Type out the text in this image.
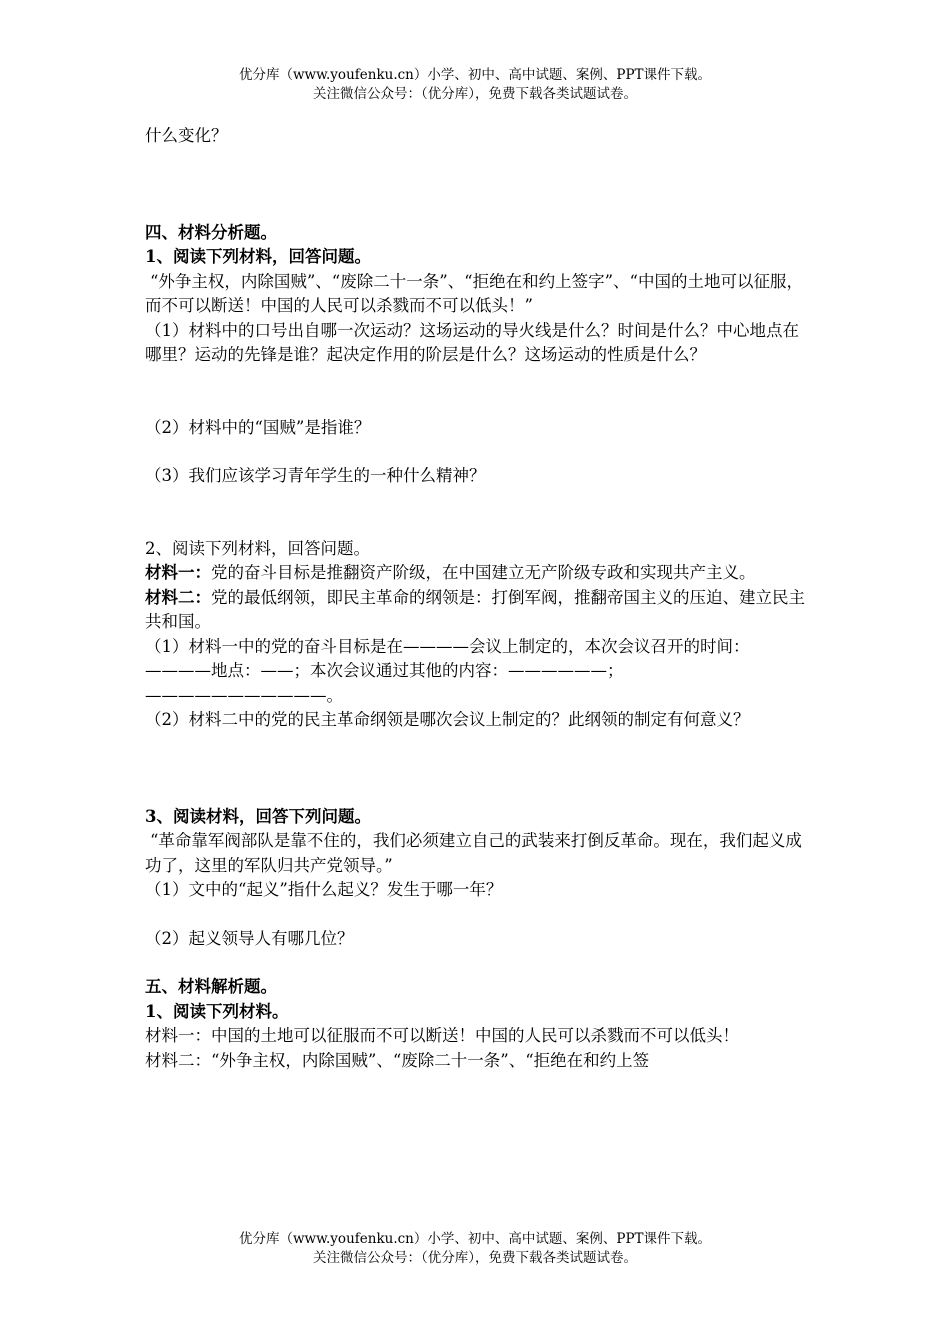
优分库（www.youfenku.cn）小学、初中、高中试题、案例、PPT课件下载。
关注微信公众号：（优分库），免费下载各类试题试卷。

什么变化？

四、材料分析题。

1、阅读下列材料，回答问题。

“外争主权，内除国贼”、“废除二十一条”、“拒绝在和约上签字”、“中国的土地可以征服，而不可以断送！中国的人民可以杀戮而不可以低头！”

（1）材料中的口号出自哪一次运动？这场运动的导火线是什么？时间是什么？中心地点在哪里？运动的先锋是谁？起决定作用的阶层是什么？这场运动的性质是什么？

（2）材料中的“国贼”是指谁？

（3）我们应该学习青年学生的一种什么精神？

2、阅读下列材料，回答问题。

材料一：党的奋斗目标是推翻资产阶级，在中国建立无产阶级专政和实现共产主义。

材料二：党的最低纲领，即民主革命的纲领是：打倒军阀，推翻帝国主义的压迫、建立民主共和国。

（1）材料一中的党的奋斗目标是在————会议上制定的，本次会议召开的时间：————地点：——；本次会议通过其他的内容：——————；———————————。

（2）材料二中的党的民主革命纲领是哪次会议上制定的？此纲领的制定有何意义？

3、阅读材料，回答下列问题。

“革命靠军阀部队是靠不住的，我们必须建立自己的武装来打倒反革命。现在，我们起义成功了，这里的军队归共产党领导。”

（1）文中的“起义”指什么起义？发生于哪一年？

（2）起义领导人有哪几位？

五、材料解析题。

1、阅读下列材料。

材料一：中国的土地可以征服而不可以断送！中国的人民可以杀戮而不可以低头！

材料二：“外争主权，内除国贼”、“废除二十一条”、“拒绝在和约上签

优分库（www.youfenku.cn）小学、初中、高中试题、案例、PPT课件下载。
关注微信公众号：（优分库），免费下载各类试题试卷。
